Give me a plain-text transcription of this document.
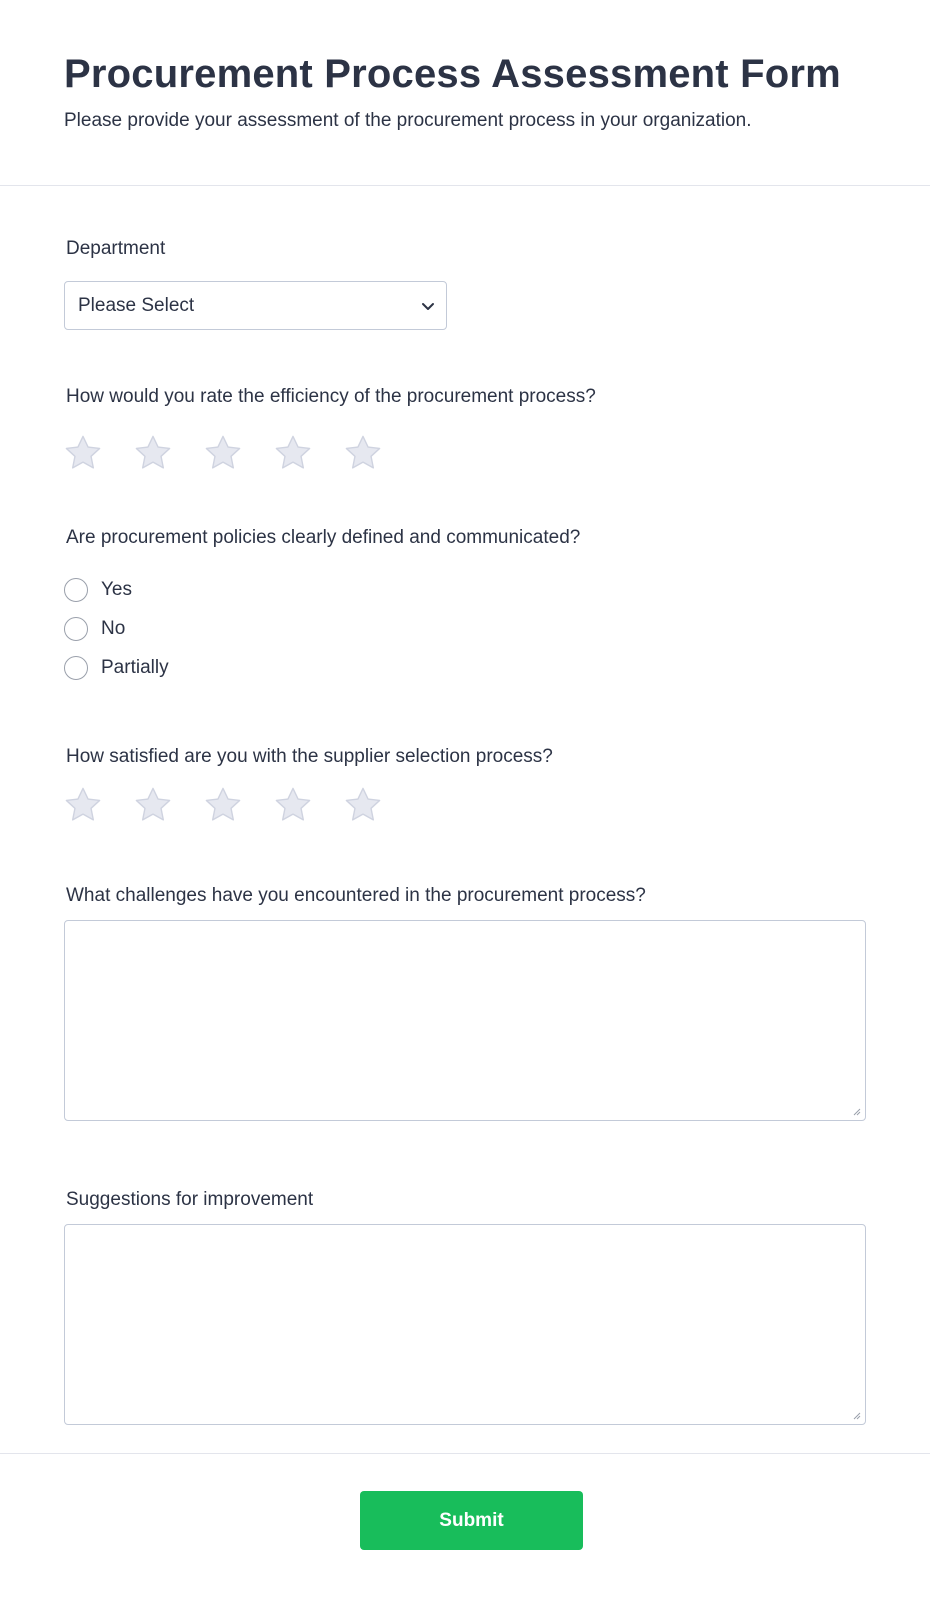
Procurement Process Assessment Form

Please provide your assessment of the procurement process in your organization.

Department
Please Select
How would you rate the efficiency of the procurement process?
Are procurement policies clearly defined and communicated?
Yes
No
Partially
How satisfied are you with the supplier selection process?
What challenges have you encountered in the procurement process?
Suggestions for improvement
Submit
